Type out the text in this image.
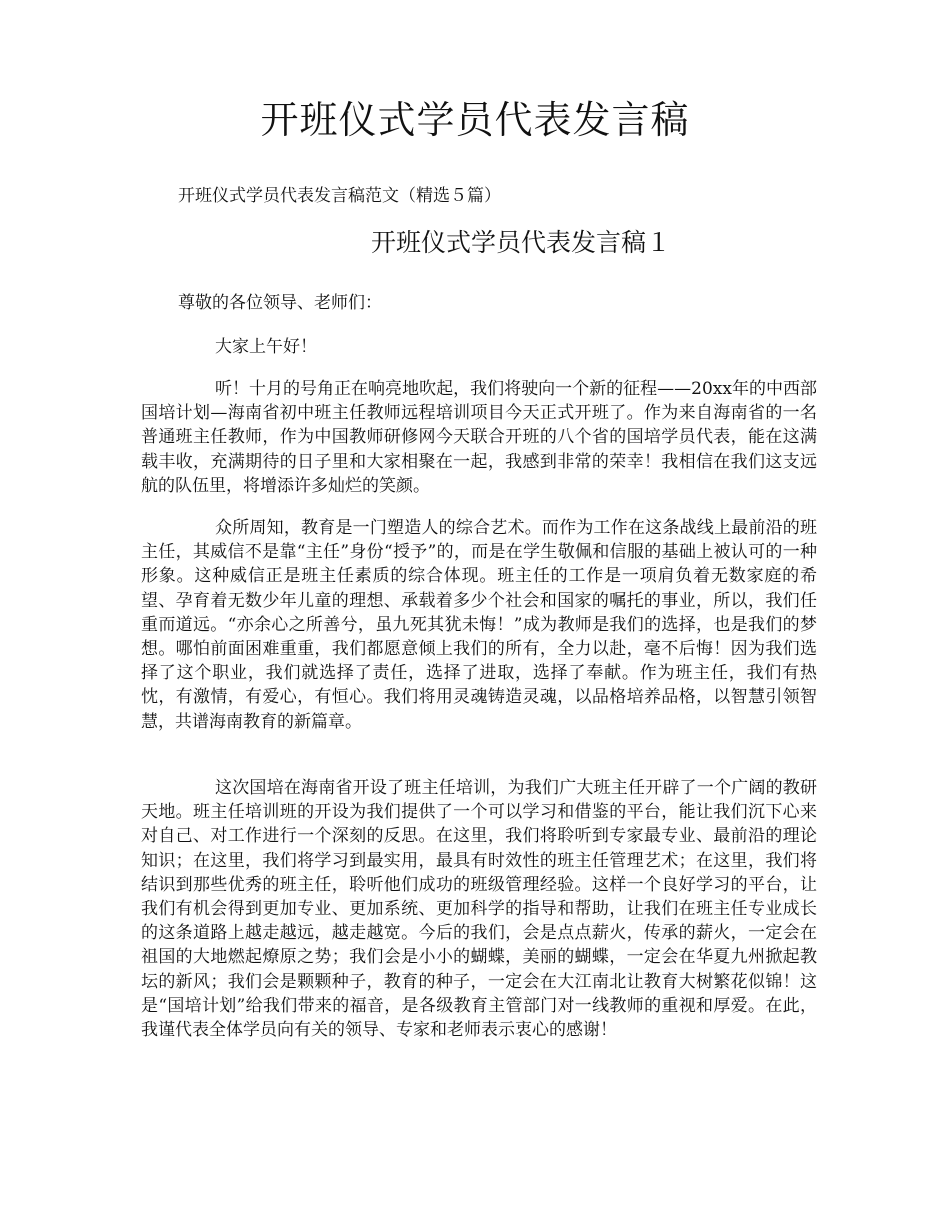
开班仪式学员代表发言稿

开班仪式学员代表发言稿范文（精选５篇）

开班仪式学员代表发言稿１

尊敬的各位领导、老师们：

大家上午好！

听！十月的号角正在响亮地吹起，我们将驶向一个新的征程——20xx年的中西部国培计划—海南省初中班主任教师远程培训项目今天正式开班了。作为来自海南省的一名普通班主任教师，作为中国教师研修网今天联合开班的八个省的国培学员代表，能在这满载丰收，充满期待的日子里和大家相聚在一起，我感到非常的荣幸！我相信在我们这支远航的队伍里，将增添许多灿烂的笑颜。

众所周知，教育是一门塑造人的综合艺术。而作为工作在这条战线上最前沿的班主任，其威信不是靠“主任”身份“授予”的，而是在学生敬佩和信服的基础上被认可的一种形象。这种威信正是班主任素质的综合体现。班主任的工作是一项肩负着无数家庭的希望、孕育着无数少年儿童的理想、承载着多少个社会和国家的嘱托的事业，所以，我们任重而道远。“亦余心之所善兮，虽九死其犹未悔！”成为教师是我们的选择，也是我们的梦想。哪怕前面困难重重，我们都愿意倾上我们的所有，全力以赴，毫不后悔！因为我们选择了这个职业，我们就选择了责任，选择了进取，选择了奉献。作为班主任，我们有热忱，有激情，有爱心，有恒心。我们将用灵魂铸造灵魂，以品格培养品格，以智慧引领智慧，共谱海南教育的新篇章。

这次国培在海南省开设了班主任培训，为我们广大班主任开辟了一个广阔的教研天地。班主任培训班的开设为我们提供了一个可以学习和借鉴的平台，能让我们沉下心来对自己、对工作进行一个深刻的反思。在这里，我们将聆听到专家最专业、最前沿的理论知识；在这里，我们将学习到最实用，最具有时效性的班主任管理艺术；在这里，我们将结识到那些优秀的班主任，聆听他们成功的班级管理经验。这样一个良好学习的平台，让我们有机会得到更加专业、更加系统、更加科学的指导和帮助，让我们在班主任专业成长的这条道路上越走越远，越走越宽。今后的我们，会是点点薪火，传承的薪火，一定会在祖国的大地燃起燎原之势；我们会是小小的蝴蝶，美丽的蝴蝶，一定会在华夏九州掀起教坛的新风；我们会是颗颗种子，教育的种子，一定会在大江南北让教育大树繁花似锦！这是“国培计划”给我们带来的福音，是各级教育主管部门对一线教师的重视和厚爱。在此，我谨代表全体学员向有关的领导、专家和老师表示衷心的感谢！
